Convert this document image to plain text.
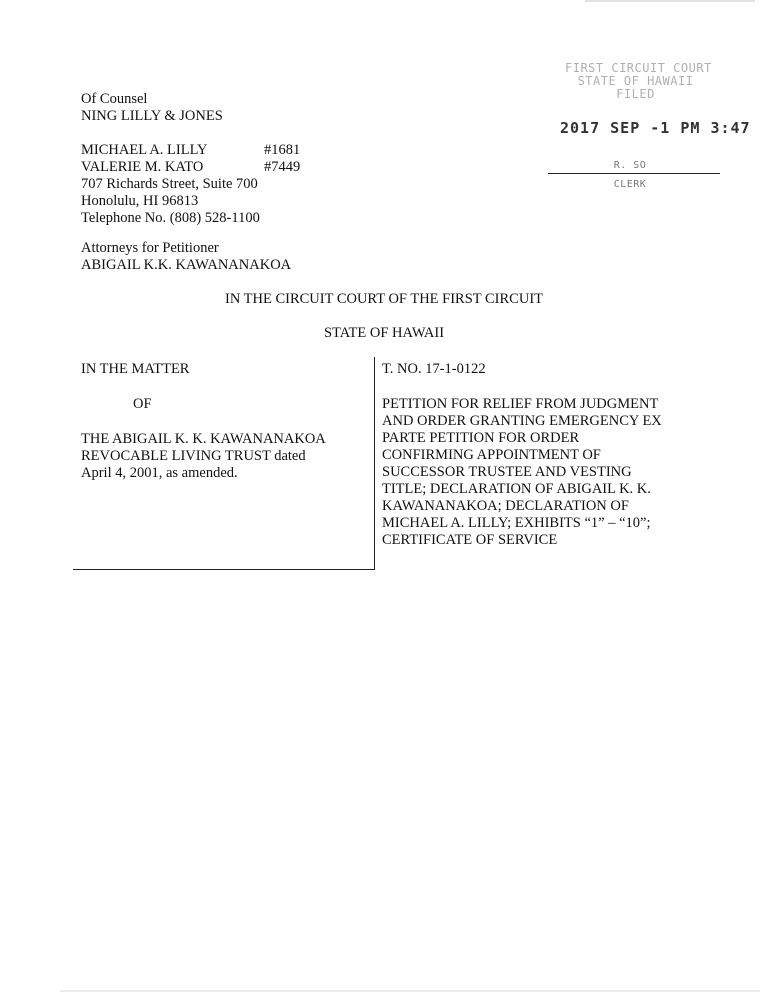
FIRST CIRCUIT COURT
STATE OF HAWAII
FILED
2017 SEP -1 PM 3:47
R. SO
CLERK
Of Counsel
NING LILLY & JONES
MICHAEL A. LILLY	#1681
VALERIE M. KATO	#7449
707 Richards Street, Suite 700
Honolulu, HI 96813
Telephone No. (808) 528-1100
Attorneys for Petitioner
ABIGAIL K.K. KAWANANAKOA
IN THE CIRCUIT COURT OF THE FIRST CIRCUIT
STATE OF HAWAII
IN THE MATTER
OF
THE ABIGAIL K. K. KAWANANAKOA
REVOCABLE LIVING TRUST dated
April 4, 2001, as amended.
T. NO. 17-1-0122
PETITION FOR RELIEF FROM JUDGMENT
AND ORDER GRANTING EMERGENCY EX
PARTE PETITION FOR ORDER
CONFIRMING APPOINTMENT OF
SUCCESSOR TRUSTEE AND VESTING
TITLE; DECLARATION OF ABIGAIL K. K.
KAWANANAKOA; DECLARATION OF
MICHAEL A. LILLY; EXHIBITS “1” – “10”;
CERTIFICATE OF SERVICE
